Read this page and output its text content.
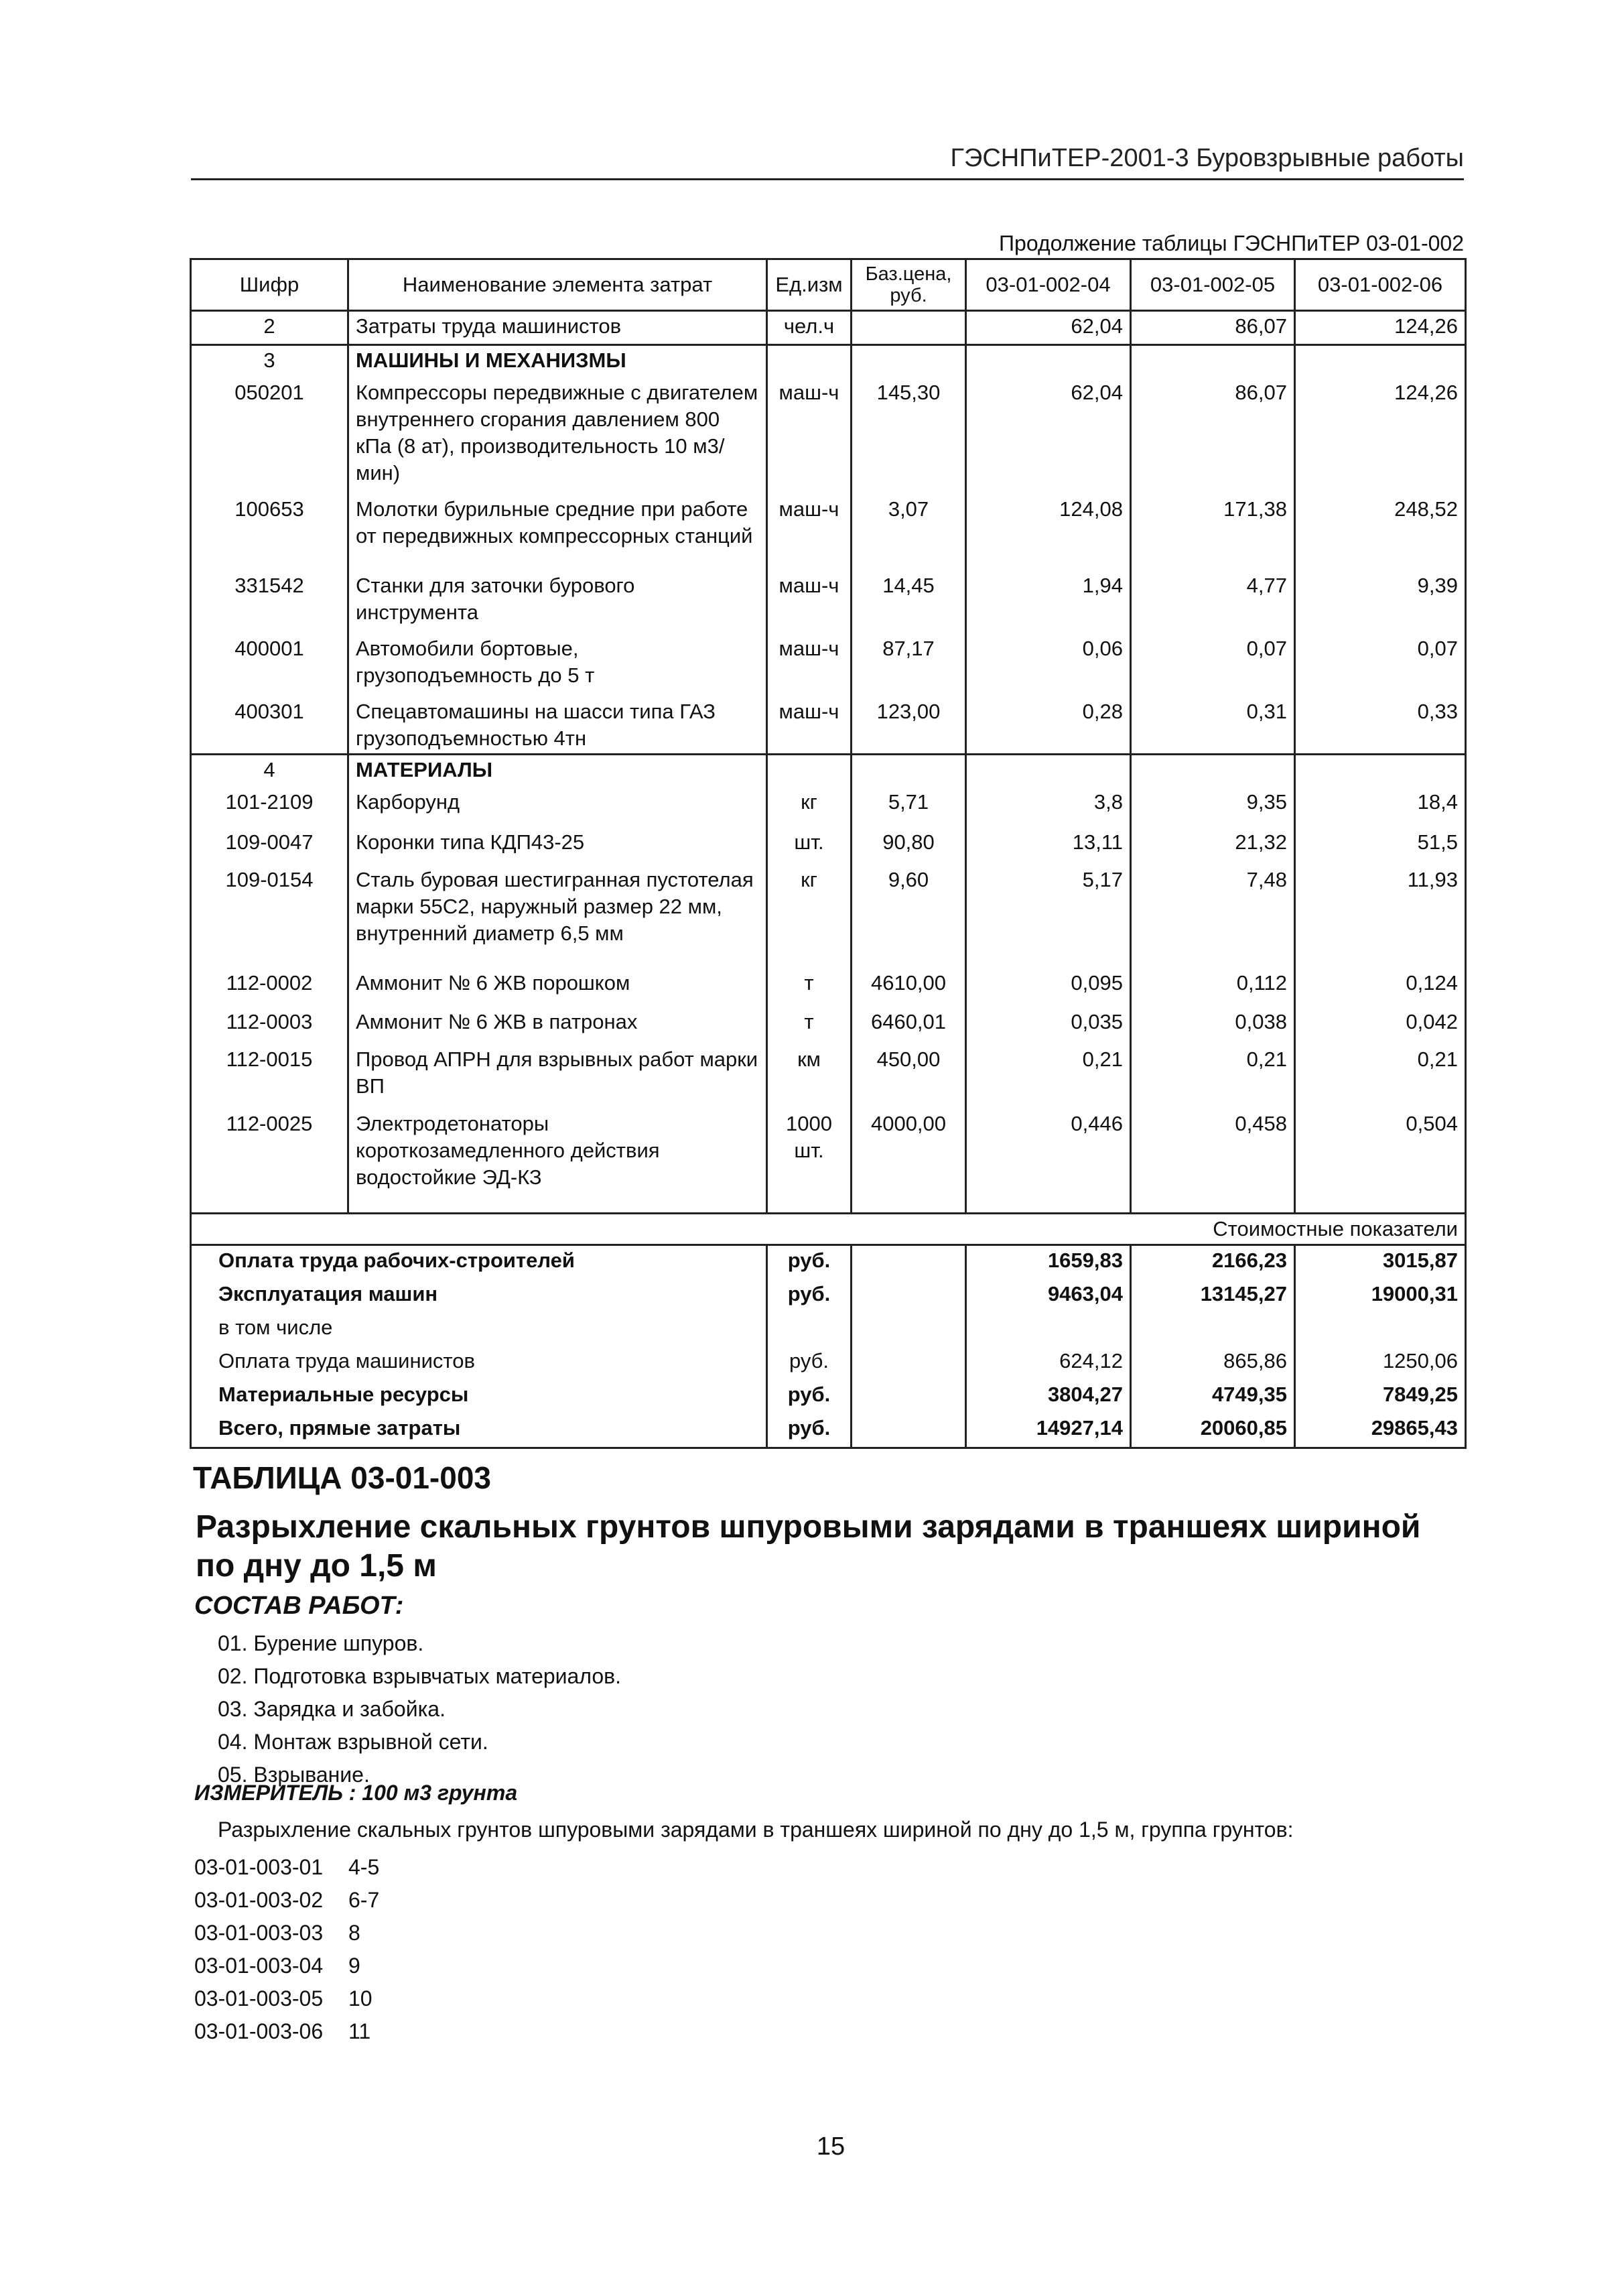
ГЭСНПиТЕР-2001-3 Буровзрывные работы
Продолжение таблицы ГЭСНПиТЕР 03-01-002
Шифр	Наименование элемента затрат	Ед.изм	Баз.цена, руб.	03-01-002-04	03-01-002-05	03-01-002-06
2	Затраты труда машинистов	чел.ч		62,04	86,07	124,26
3	МАШИНЫ И МЕХАНИЗМЫ					
050201	Компрессоры передвижные с двигателем внутреннего сгорания давлением 800 кПа (8 ат), производительность 10 м3/мин)	маш-ч	145,30	62,04	86,07	124,26
100653	Молотки бурильные средние при работе от передвижных компрессорных станций	маш-ч	3,07	124,08	171,38	248,52
331542	Станки для заточки бурового инструмента	маш-ч	14,45	1,94	4,77	9,39
400001	Автомобили бортовые, грузоподъемность до 5 т	маш-ч	87,17	0,06	0,07	0,07
400301	Спецавтомашины на шасси типа ГАЗ грузоподъемностью 4тн	маш-ч	123,00	0,28	0,31	0,33
4	МАТЕРИАЛЫ					
101-2109	Карборунд	кг	5,71	3,8	9,35	18,4
109-0047	Коронки типа КДП43-25	шт.	90,80	13,11	21,32	51,5
109-0154	Сталь буровая шестигранная пустотелая марки 55С2, наружный размер 22 мм, внутренний диаметр 6,5 мм	кг	9,60	5,17	7,48	11,93
112-0002	Аммонит № 6 ЖВ порошком	т	4610,00	0,095	0,112	0,124
112-0003	Аммонит № 6 ЖВ в патронах	т	6460,01	0,035	0,038	0,042
112-0015	Провод АПРН для взрывных работ марки ВП	км	450,00	0,21	0,21	0,21
112-0025	Электродетонаторы короткозамедленного действия водостойкие ЭД-КЗ	1000 шт.	4000,00	0,446	0,458	0,504

				Стоимостные показатели		
Оплата труда рабочих-строителей		руб.		1659,83	2166,23	3015,87
Эксплуатация машин		руб.		9463,04	13145,27	19000,31
в том числе						
Оплата труда машинистов		руб.		624,12	865,86	1250,06
Материальные ресурсы		руб.		3804,27	4749,35	7849,25
Всего, прямые затраты		руб.		14927,14	20060,85	29865,43
ТАБЛИЦА 03-01-003
Разрыхление скальных грунтов шпуровыми зарядами в траншеях шириной по дну до 1,5 м
СОСТАВ РАБОТ:
01. Бурение шпуров.
02. Подготовка взрывчатых материалов.
03. Зарядка и забойка.
04. Монтаж взрывной сети.
05. Взрывание.
ИЗМЕРИТЕЛЬ : 100 м3 грунта
Разрыхление скальных грунтов шпуровыми зарядами в траншеях шириной по дну до 1,5 м, группа грунтов:
03-01-003-01 4-5
03-01-003-02 6-7
03-01-003-03 8
03-01-003-04 9
03-01-003-05 10
03-01-003-06 11
15
